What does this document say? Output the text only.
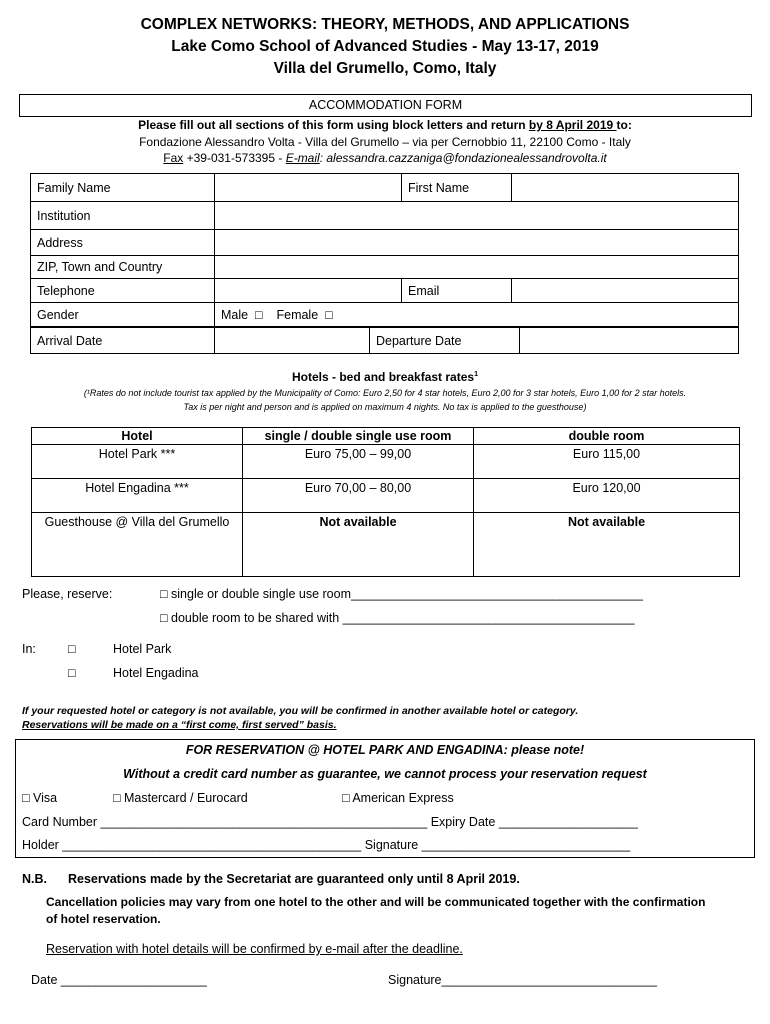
COMPLEX NETWORKS: THEORY, METHODS, AND APPLICATIONS
Lake Como School of Advanced Studies - May 13-17, 2019
Villa del Grumello, Como, Italy
ACCOMMODATION FORM
Please fill out all sections of this form using block letters and return by 8 April 2019 to:
Fondazione Alessandro Volta - Villa del Grumello – via per Cernobbio 11, 22100 Como - Italy
Fax +39-031-573395 - E-mail: alessandra.cazzaniga@fondazionealessandrovolta.it
Family Name		First Name	
Institution			
Address			
ZIP, Town and Country			
Telephone		Email	
Gender	Male  □    Female  □		
Arrival Date		Departure Date	
Hotels - bed and breakfast rates$^1$
(¹Rates do not include tourist tax applied by the Municipality of Como: Euro 2,50 for 4 star hotels, Euro 2,00 for 3 star hotels, Euro 1,00 for 2 star hotels.
Tax is per night and person and is applied on maximum 4 nights. No tax is applied to the guesthouse)
Hotel	single / double single use room	double room
Hotel Park ***	Euro 75,00 – 99,00	Euro 115,00
Hotel Engadina ***	Euro 70,00 – 80,00	Euro 120,00
Guesthouse @ Villa del Grumello	Not available	Not available
Please, reserve:	□ single or double single use room__________________________________________
□ double room to be shared with __________________________________________
In:	□	Hotel Park
□	Hotel Engadina
If your requested hotel or category is not available, you will be confirmed in another available hotel or category.
Reservations will be made on a “first come, first served” basis.
FOR RESERVATION @ HOTEL PARK AND ENGADINA: please note!
Without a credit card number as guarantee, we cannot process your reservation request
□ Visa	□ Mastercard / Eurocard	□ American Express
Card Number _______________________________________________ Expiry Date ____________________
Holder ___________________________________________ Signature ______________________________
N.B. Reservations made by the Secretariat are guaranteed only until 8 April 2019.
Cancellation policies may vary from one hotel to the other and will be communicated together with the confirmation
of hotel reservation.
Reservation with hotel details will be confirmed by e-mail after the deadline.
Date _____________________	Signature_______________________________
